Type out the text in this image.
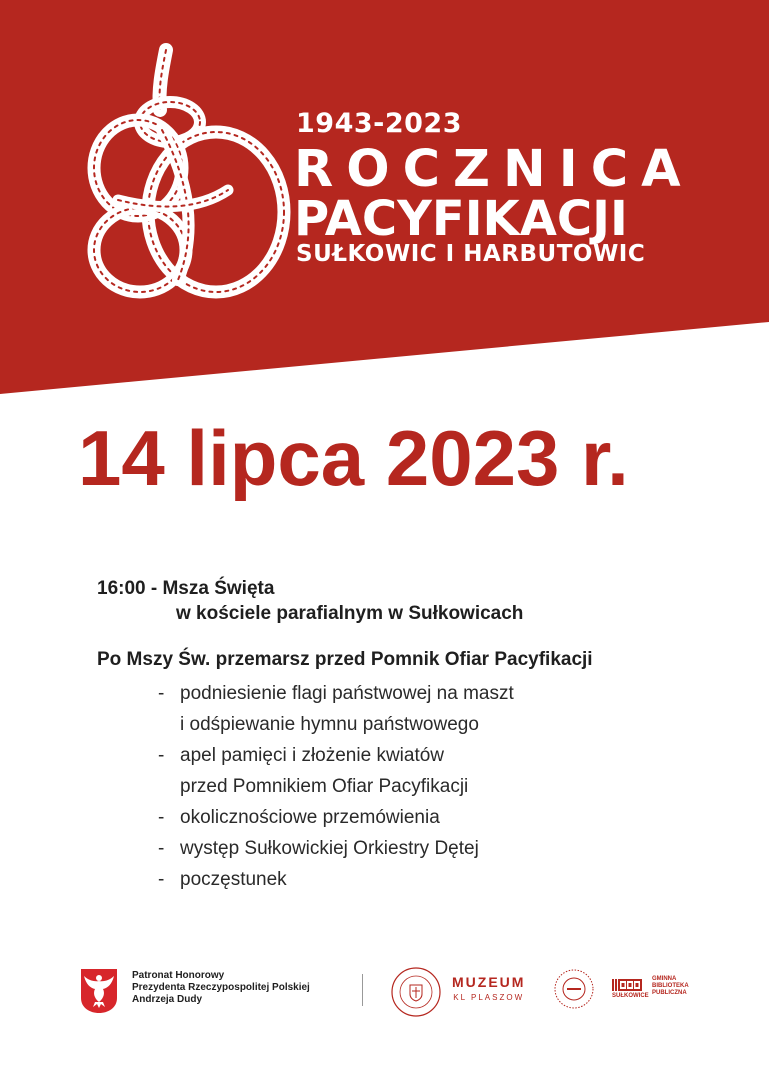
1943-2023

ROCZNICA

PACYFIKACJI

SUŁKOWIC I HARBUTOWIC

14 lipca 2023 r.
16:00 - Msza Święta
w kościele parafialnym w Sułkowicach
Po Mszy Św. przemarsz przed Pomnik Ofiar Pacyfikacji
- podniesienie flagi państwowej na maszt
i odśpiewanie hymnu państwowego
- apel pamięci i złożenie kwiatów
przed Pomnikiem Ofiar Pacyfikacji
- okolicznościowe przemówienia
- występ Sułkowickiej Orkiestry Dętej
- poczęstunek
Patronat Honorowy
Prezydenta Rzeczypospolitej Polskiej
Andrzeja Dudy
MUZEUM
KL PLASZOW	SUŁKOWICE
GMINNA
BIBLIOTEKA
PUBLICZNA
